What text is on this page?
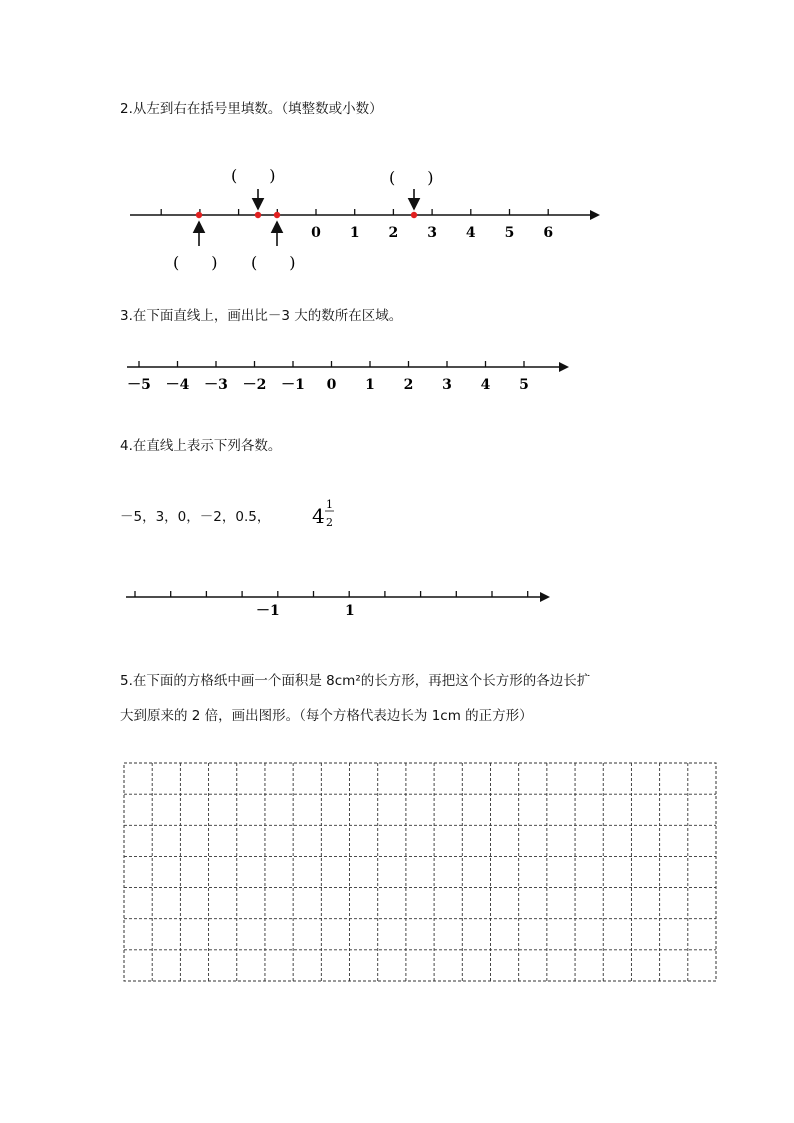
2.从左到右在括号里填数。（填整数或小数）
3.在下面直线上，画出比－3 大的数所在区域。
4.在直线上表示下列各数。
－5，3，0，－2，0.5，
5.在下面的方格纸中画一个面积是 8cm²的长方形，再把这个长方形的各边长扩
大到原来的 2 倍，画出图形。（每个方格代表边长为 1cm 的正方形）
0 1 2 3 4 5 6
(　　)	(　　)
(　　) (　　)
－5 －4 －3 －2 －1 0 1 2 3 4 5
4 1
2
－1	1
